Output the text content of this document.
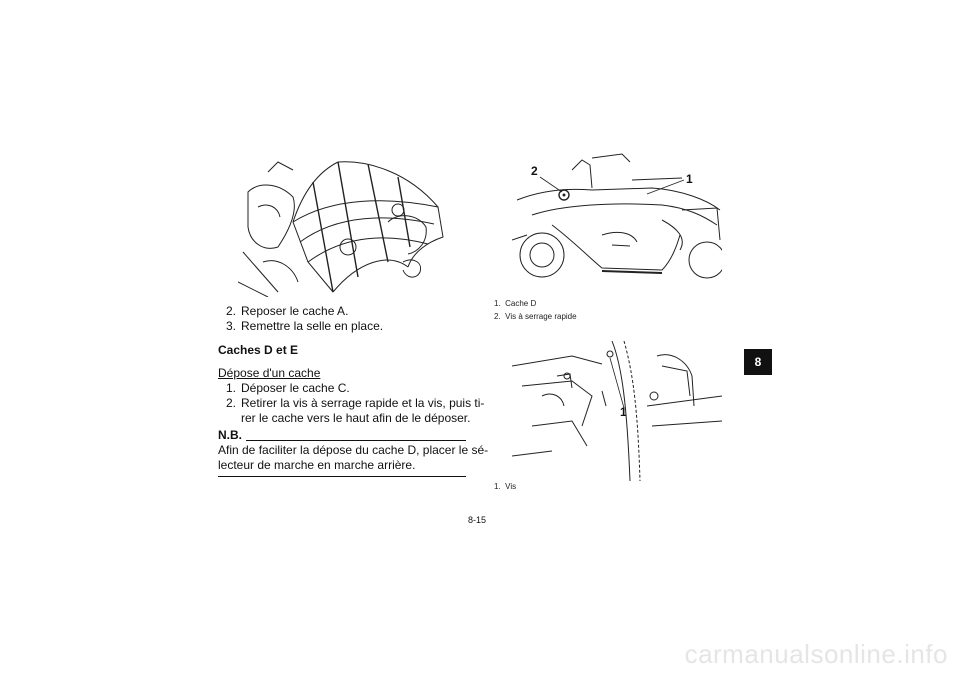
2. Reposer le cache A.
3. Remettre la selle en place.
Caches D et E
Dépose d'un cache
1. Déposer le cache C.
2. Retirer la vis à serrage rapide et la vis, puis ti-
rer le cache vers le haut afin de le déposer.
N.B.
Afin de faciliter la dépose du cache D, placer le sé-
lecteur de marche en marche arrière.
2
1
1. Cache D
2. Vis à serrage rapide
1
1. Vis
8
8-15
carmanualsonline.info
